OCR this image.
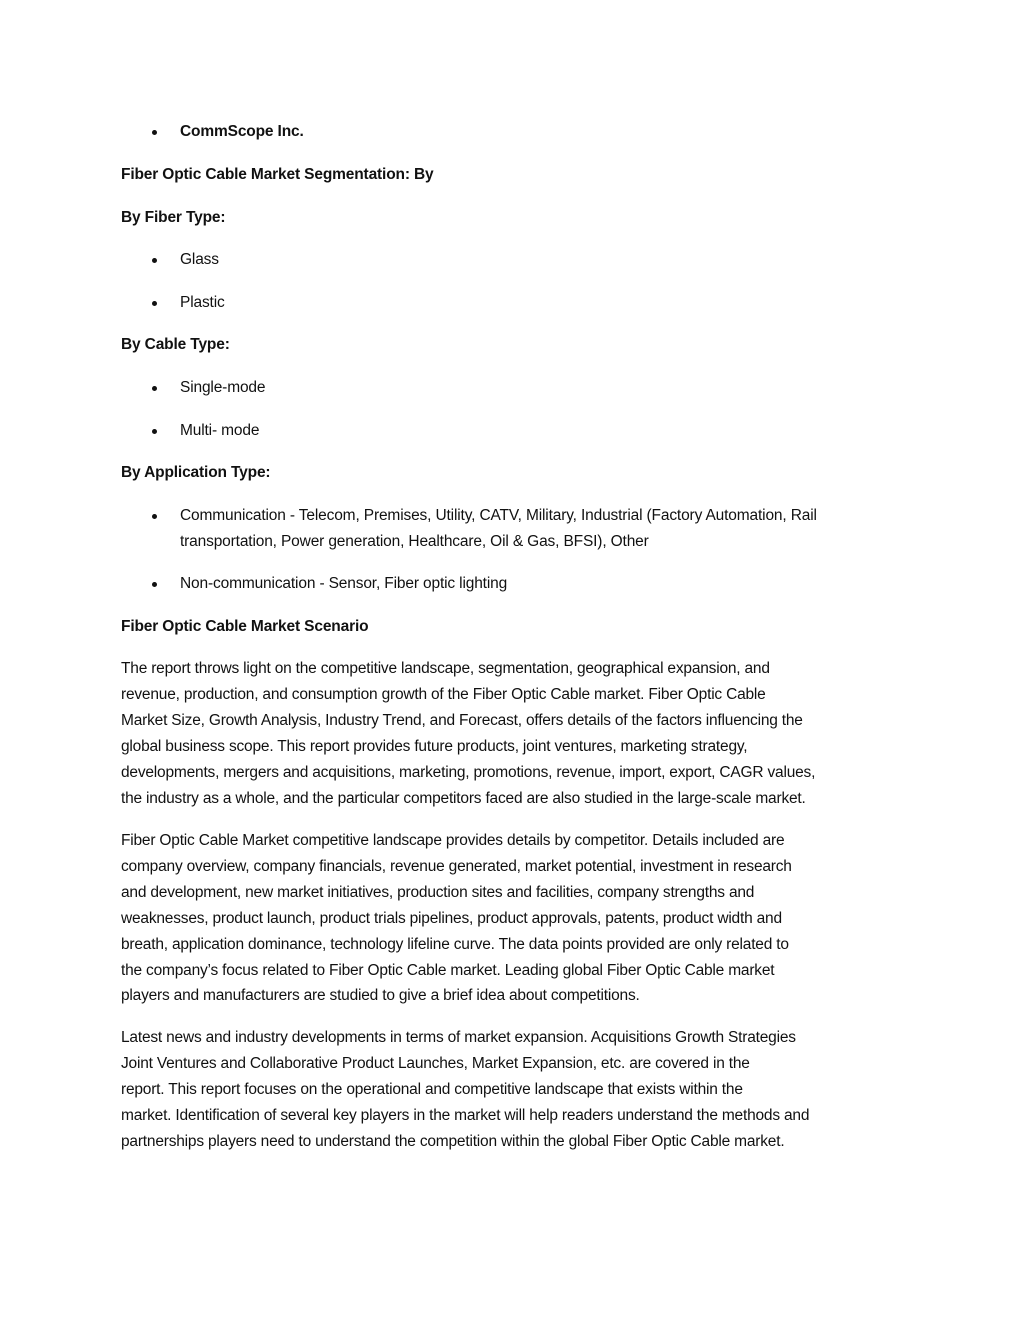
CommScope Inc.
Fiber Optic Cable Market Segmentation: By
By Fiber Type:
Glass
Plastic
By Cable Type:
Single-mode
Multi- mode
By Application Type:
Communication - Telecom, Premises, Utility, CATV, Military, Industrial (Factory Automation, Rail
transportation, Power generation, Healthcare, Oil & Gas, BFSI), Other
Non-communication - Sensor, Fiber optic lighting
Fiber Optic Cable Market Scenario
The report throws light on the competitive landscape, segmentation, geographical expansion, and
revenue, production, and consumption growth of the Fiber Optic Cable market. Fiber Optic Cable
Market Size, Growth Analysis, Industry Trend, and Forecast, offers details of the factors influencing the
global business scope. This report provides future products, joint ventures, marketing strategy,
developments, mergers and acquisitions, marketing, promotions, revenue, import, export, CAGR values,
the industry as a whole, and the particular competitors faced are also studied in the large-scale market.
Fiber Optic Cable Market competitive landscape provides details by competitor. Details included are
company overview, company financials, revenue generated, market potential, investment in research
and development, new market initiatives, production sites and facilities, company strengths and
weaknesses, product launch, product trials pipelines, product approvals, patents, product width and
breath, application dominance, technology lifeline curve. The data points provided are only related to
the company’s focus related to Fiber Optic Cable market. Leading global Fiber Optic Cable market
players and manufacturers are studied to give a brief idea about competitions.
Latest news and industry developments in terms of market expansion. Acquisitions Growth Strategies
Joint Ventures and Collaborative Product Launches, Market Expansion, etc. are covered in the
report. This report focuses on the operational and competitive landscape that exists within the
market. Identification of several key players in the market will help readers understand the methods and
partnerships players need to understand the competition within the global Fiber Optic Cable market.
